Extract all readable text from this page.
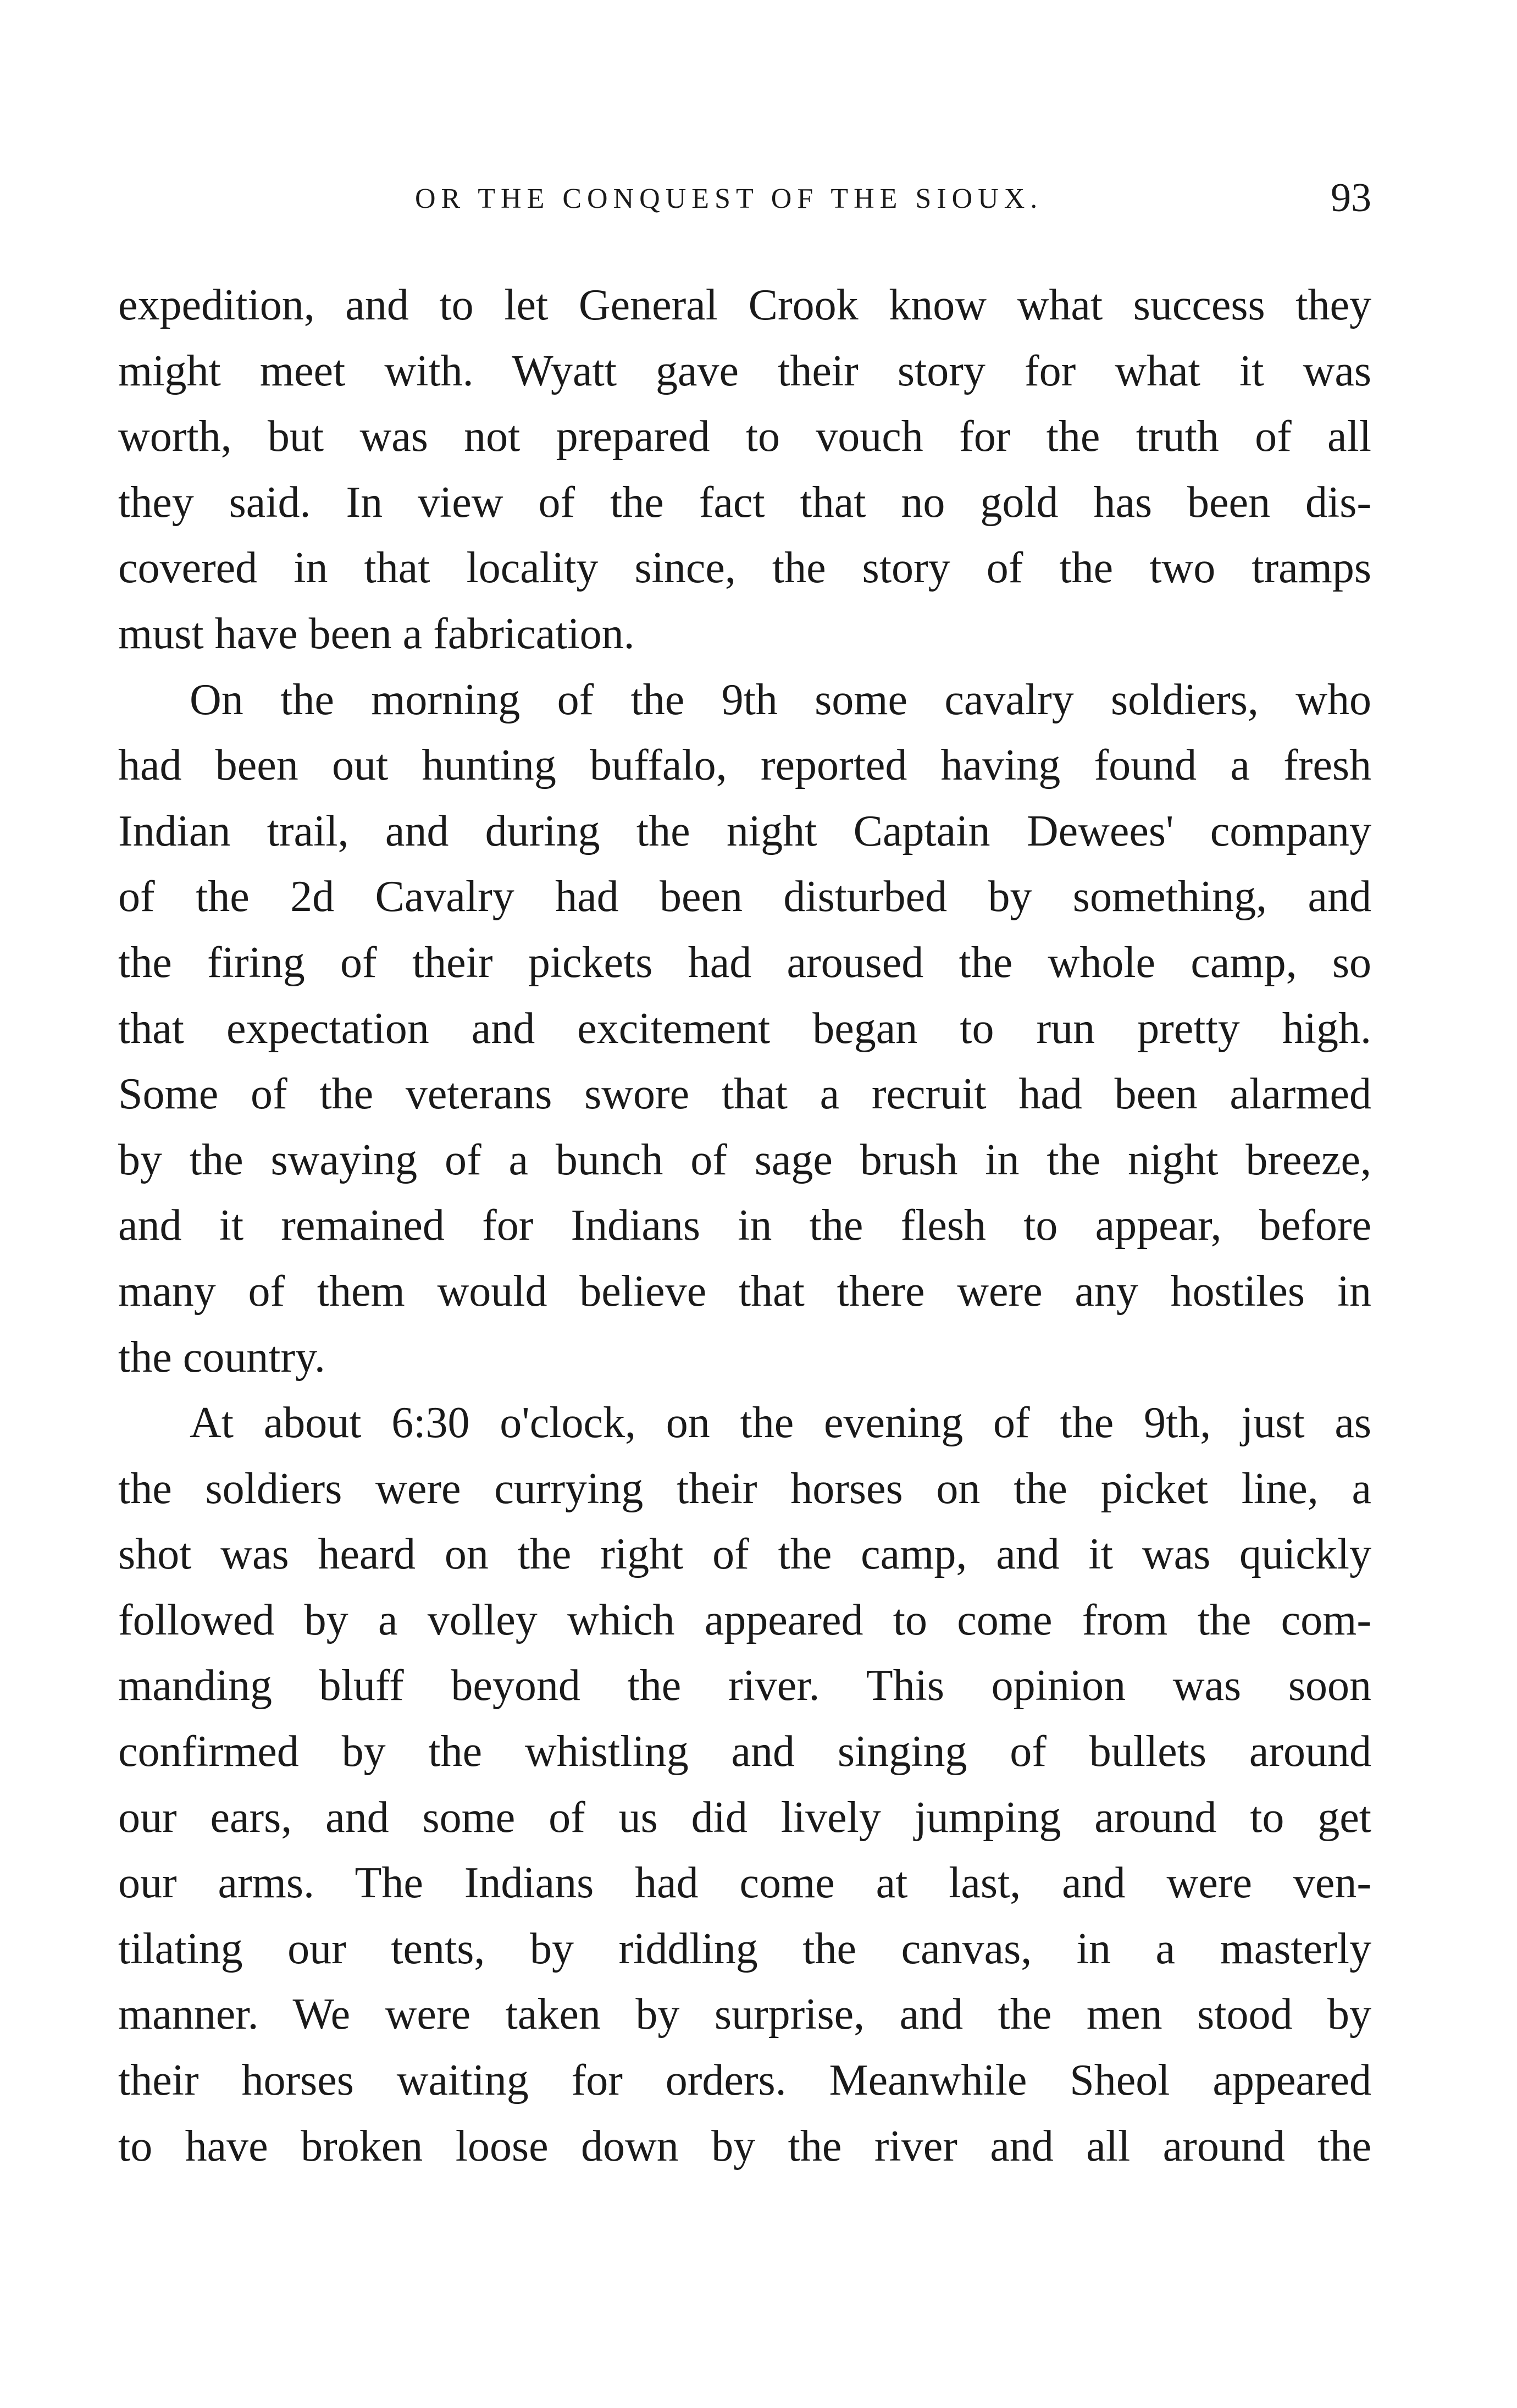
OR THE CONQUEST OF THE SIOUX.	93
expedition, and to let General Crook know what success they
might meet with. Wyatt gave their story for what it was
worth, but was not prepared to vouch for the truth of all
they said. In view of the fact that no gold has been dis-
covered in that locality since, the story of the two tramps
must have been a fabrication.
On the morning of the 9th some cavalry soldiers, who
had been out hunting buffalo, reported having found a fresh
Indian trail, and during the night Captain Dewees' company
of the 2d Cavalry had been disturbed by something, and
the firing of their pickets had aroused the whole camp, so
that expectation and excitement began to run pretty high.
Some of the veterans swore that a recruit had been alarmed
by the swaying of a bunch of sage brush in the night breeze,
and it remained for Indians in the flesh to appear, before
many of them would believe that there were any hostiles in
the country.
At about 6:30 o'clock, on the evening of the 9th, just as
the soldiers were currying their horses on the picket line, a
shot was heard on the right of the camp, and it was quickly
followed by a volley which appeared to come from the com-
manding bluff beyond the river. This opinion was soon
confirmed by the whistling and singing of bullets around
our ears, and some of us did lively jumping around to get
our arms. The Indians had come at last, and were ven-
tilating our tents, by riddling the canvas, in a masterly
manner. We were taken by surprise, and the men stood by
their horses waiting for orders. Meanwhile Sheol appeared
to have broken loose down by the river and all around the
